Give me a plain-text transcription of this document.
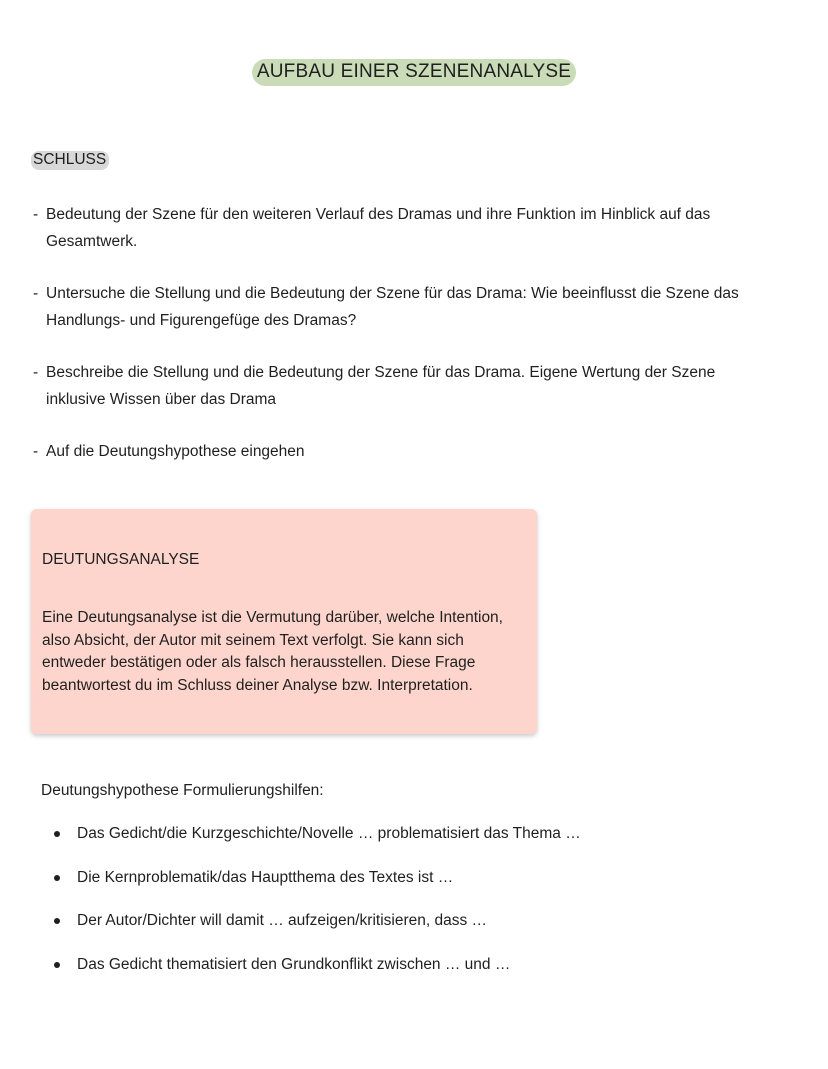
AUFBAU EINER SZENENANALYSE
SCHLUSS
- Bedeutung der Szene für den weiteren Verlauf des Dramas und ihre Funktion im Hinblick auf das Gesamtwerk.
- Untersuche die Stellung und die Bedeutung der Szene für das Drama: Wie beeinflusst die Szene das Handlungs- und Figurengefüge des Dramas?
- Beschreibe die Stellung und die Bedeutung der Szene für das Drama. Eigene Wertung der Szene inklusive Wissen über das Drama
- Auf die Deutungshypothese eingehen
DEUTUNGSANALYSE
Eine Deutungsanalyse ist die Vermutung darüber, welche Intention, also Absicht, der Autor mit seinem Text verfolgt. Sie kann sich entweder bestätigen oder als falsch herausstellen. Diese Frage beantwortest du im Schluss deiner Analyse bzw. Interpretation.
Deutungshypothese Formulierungshilfen:
Das Gedicht/die Kurzgeschichte/Novelle … problematisiert das Thema …
Die Kernproblematik/das Hauptthema des Textes ist …
Der Autor/Dichter will damit … aufzeigen/kritisieren, dass …
Das Gedicht thematisiert den Grundkonflikt zwischen … und …
